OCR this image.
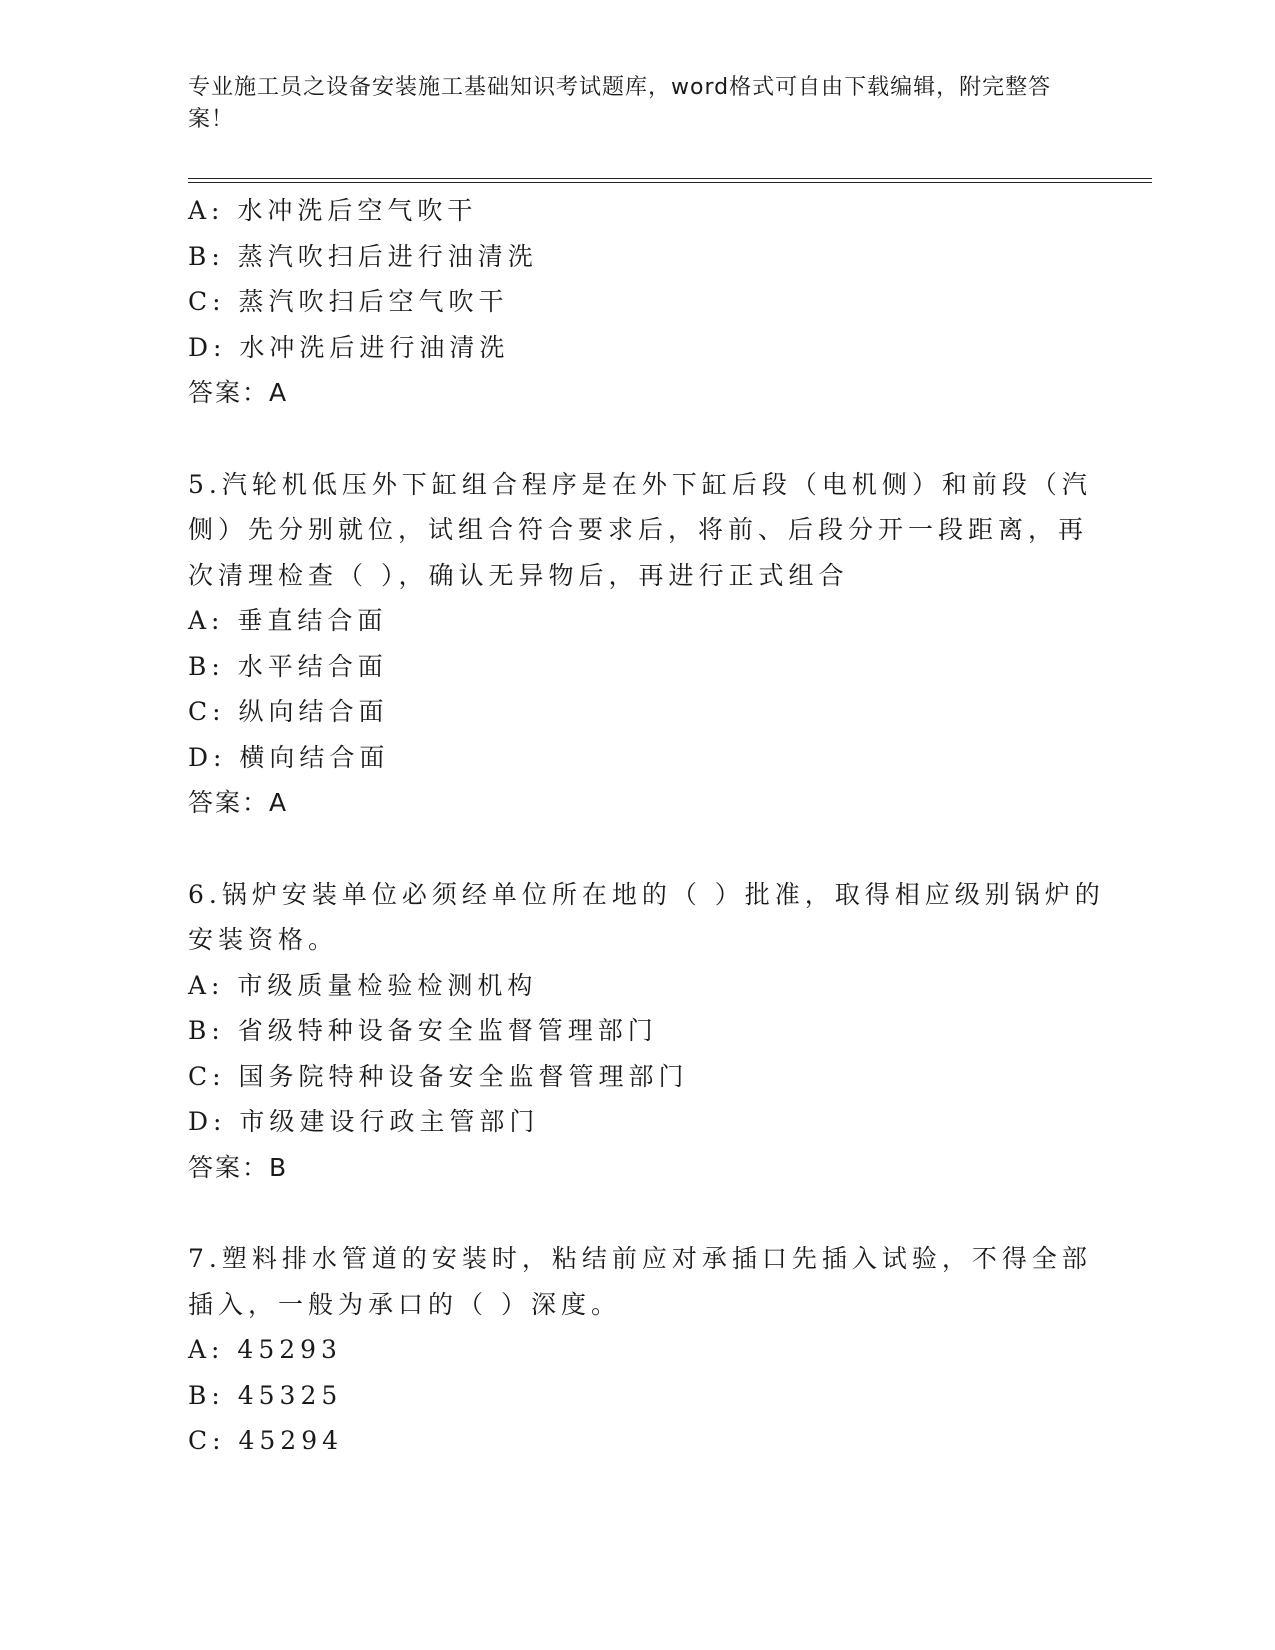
专业施工员之设备安装施工基础知识考试题库，word格式可自由下载编辑，附完整答案！
A: 水冲洗后空气吹干
B: 蒸汽吹扫后进行油清洗
C: 蒸汽吹扫后空气吹干
D: 水冲洗后进行油清洗
答案：A
5.汽轮机低压外下缸组合程序是在外下缸后段（电机侧）和前段（汽
侧）先分别就位，试组合符合要求后，将前、后段分开一段距离，再
次清理检查（ ），确认无异物后，再进行正式组合
A: 垂直结合面
B: 水平结合面
C: 纵向结合面
D: 横向结合面
答案：A
6.锅炉安装单位必须经单位所在地的（ ）批准，取得相应级别锅炉的
安装资格。
A: 市级质量检验检测机构
B: 省级特种设备安全监督管理部门
C: 国务院特种设备安全监督管理部门
D: 市级建设行政主管部门
答案：B
7.塑料排水管道的安装时，粘结前应对承插口先插入试验，不得全部
插入，一般为承口的（ ）深度。
A: 45293
B: 45325
C: 45294
